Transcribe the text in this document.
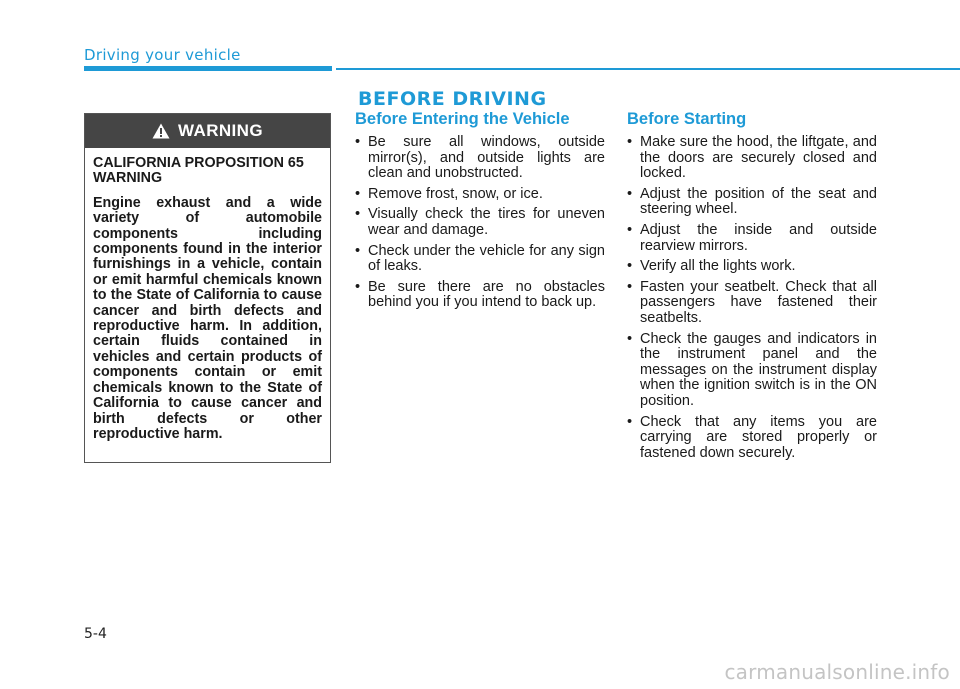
Driving your vehicle
WARNING

CALIFORNIA PROPOSITION 65 WARNING

Engine exhaust and a wide variety of automobile components including components found in the interior furnishings in a vehicle, contain or emit harmful chemicals known to the State of California to cause cancer and birth defects and reproductive harm. In addition, certain fluids contained in vehicles and certain products of components contain or emit chemicals known to the State of California to cause cancer and birth defects or other reproductive harm.

BEFORE DRIVING
Before Entering the Vehicle
• Be sure all windows, outside mirror(s), and outside lights are clean and unobstructed.
• Remove frost, snow, or ice.
• Visually check the tires for uneven wear and damage.
• Check under the vehicle for any sign of leaks.
• Be sure there are no obstacles behind you if you intend to back up.
Before Starting
• Make sure the hood, the liftgate, and the doors are securely closed and locked.
• Adjust the position of the seat and steering wheel.
• Adjust the inside and outside rearview mirrors.
• Verify all the lights work.
• Fasten your seatbelt. Check that all passengers have fastened their seatbelts.
• Check the gauges and indicators in the instrument panel and the messages on the instrument display when the ignition switch is in the ON position.
• Check that any items you are carrying are stored properly or fastened down securely.
5-4
carmanualsonline.info
